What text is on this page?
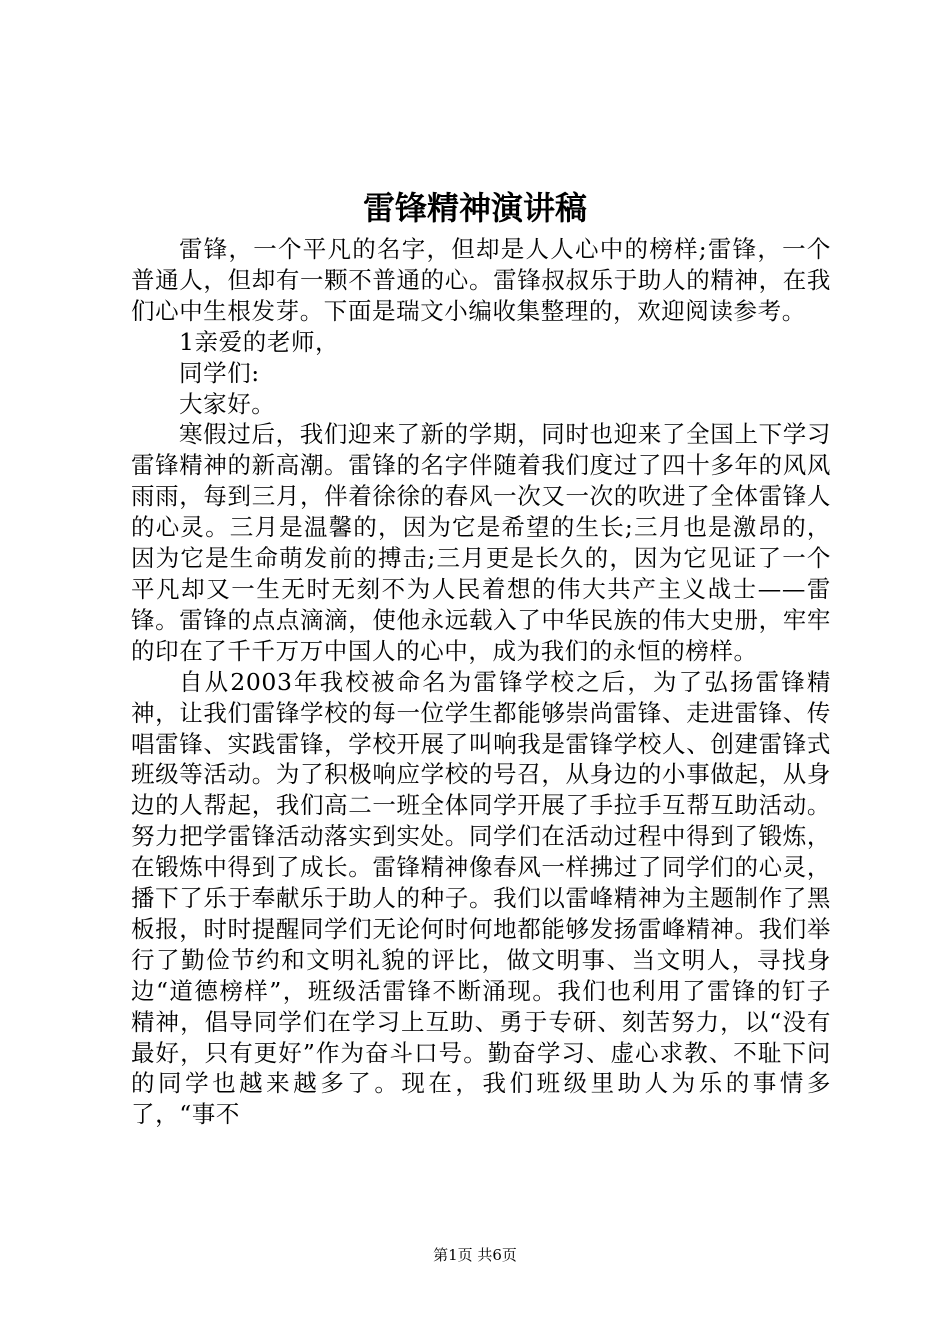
雷锋精神演讲稿

雷锋，一个平凡的名字，但却是人人心中的榜样;雷锋，一个普通人，但却有一颗不普通的心。雷锋叔叔乐于助人的精神，在我们心中生根发芽。下面是瑞文小编收集整理的，欢迎阅读参考。

1亲爱的老师，

同学们:

大家好。

寒假过后，我们迎来了新的学期，同时也迎来了全国上下学习雷锋精神的新高潮。雷锋的名字伴随着我们度过了四十多年的风风雨雨，每到三月，伴着徐徐的春风一次又一次的吹进了全体雷锋人的心灵。三月是温馨的，因为它是希望的生长;三月也是激昂的，因为它是生命萌发前的搏击;三月更是长久的，因为它见证了一个平凡却又一生无时无刻不为人民着想的伟大共产主义战士——雷锋。雷锋的点点滴滴，使他永远载入了中华民族的伟大史册，牢牢的印在了千千万万中国人的心中，成为我们的永恒的榜样。

自从2003年我校被命名为雷锋学校之后，为了弘扬雷锋精神，让我们雷锋学校的每一位学生都能够崇尚雷锋、走进雷锋、传唱雷锋、实践雷锋，学校开展了叫响我是雷锋学校人、创建雷锋式班级等活动。为了积极响应学校的号召，从身边的小事做起，从身边的人帮起，我们高二一班全体同学开展了手拉手互帮互助活动。努力把学雷锋活动落实到实处。同学们在活动过程中得到了锻炼，在锻炼中得到了成长。雷锋精神像春风一样拂过了同学们的心灵，播下了乐于奉献乐于助人的种子。我们以雷峰精神为主题制作了黑板报，时时提醒同学们无论何时何地都能够发扬雷峰精神。我们举行了勤俭节约和文明礼貌的评比，做文明事、当文明人，寻找身边“道德榜样”，班级活雷锋不断涌现。我们也利用了雷锋的钉子精神，倡导同学们在学习上互助、勇于专研、刻苦努力，以“没有最好，只有更好”作为奋斗口号。勤奋学习、虚心求教、不耻下问的同学也越来越多了。现在，我们班级里助人为乐的事情多了，“事不

第1页 共6页
